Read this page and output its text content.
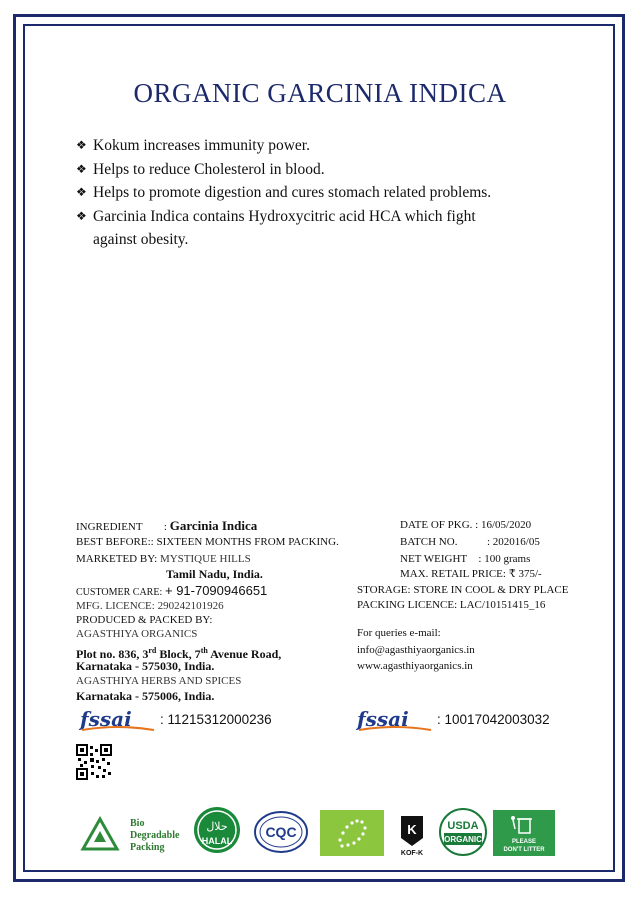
ORGANIC GARCINIA INDICA
❖ Kokum increases immunity power.
❖ Helps to reduce Cholesterol in blood.
❖ Helps to promote digestion and cures stomach related problems.
❖ Garcinia Indica contains Hydroxycitric acid HCA which fight
against obesity.
INGREDIENT : Garcinia Indica
BEST BEFORE:: SIXTEEN MONTHS FROM PACKING.
MARKETED BY: MYSTIQUE HILLS
Tamil Nadu, India.
CUSTOMER CARE: + 91-7090946651
MFG. LICENCE: 290242101926
PRODUCED & PACKED BY:
AGASTHIYA ORGANICS
Plot no. 836, 3rd Block, 7th Avenue Road,
Karnataka - 575030, India.
AGASTHIYA HERBS AND SPICES
Karnataka - 575006, India.
DATE OF PKG. : 16/05/2020
BATCH NO.	: 202016/05
NET WEIGHT : 100 grams
MAX. RETAIL PRICE: ₹ 375/-
STORAGE: STORE IN COOL & DRY PLACE
PACKING LICENCE: LAC/10151415_16
For queries e-mail:
info@agasthiyaorganics.in
www.agasthiyaorganics.in
fssai : 11215312000236	fssai : 10017042003032
Bio
Degradable
Packing
حلال
HALAL
CQC	K
KOF-K
USDA
ORGANIC	PLEASE
DON'T LITTER
